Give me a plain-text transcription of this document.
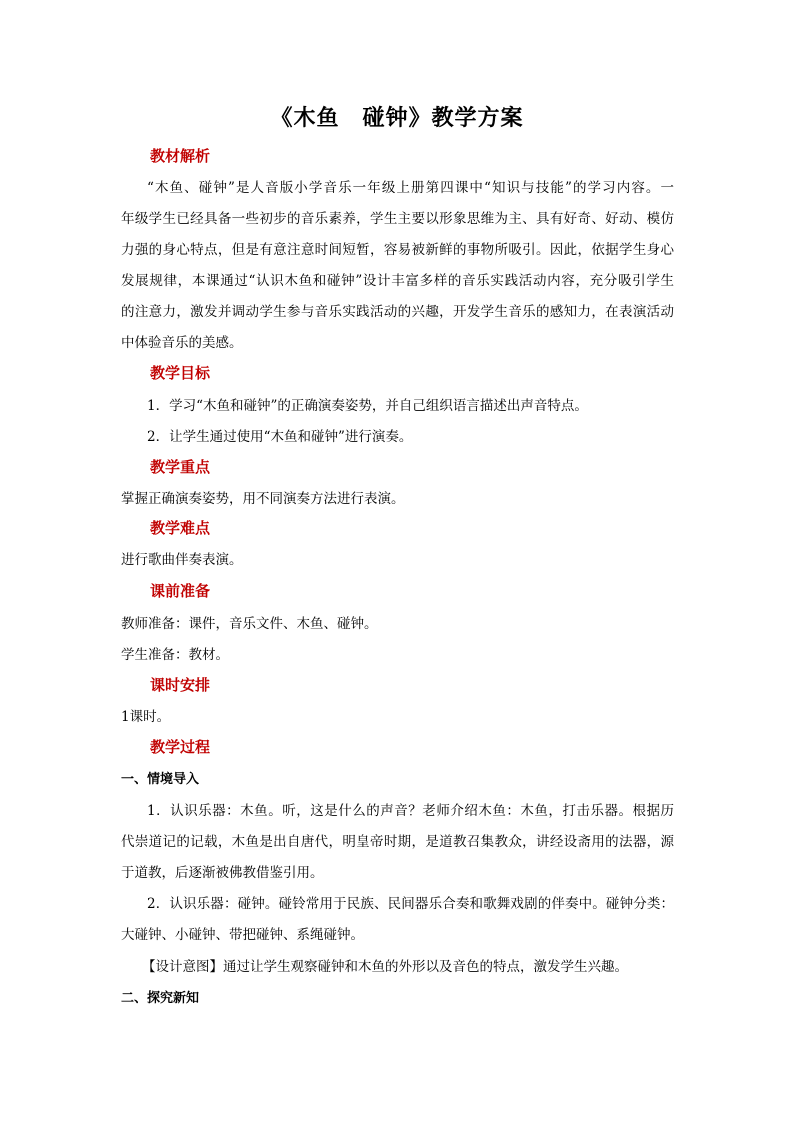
《木鱼　碰钟》教学方案
教材解析

“木鱼、碰钟”是人音版小学音乐一年级上册第四课中“知识与技能”的学习内容。一

年级学生已经具备一些初步的音乐素养，学生主要以形象思维为主、具有好奇、好动、模仿

力强的身心特点，但是有意注意时间短暂，容易被新鲜的事物所吸引。因此，依据学生身心

发展规律，本课通过“认识木鱼和碰钟”设计丰富多样的音乐实践活动内容，充分吸引学生

的注意力，激发并调动学生参与音乐实践活动的兴趣，开发学生音乐的感知力，在表演活动

中体验音乐的美感。

教学目标

1．学习“木鱼和碰钟”的正确演奏姿势，并自己组织语言描述出声音特点。

2．让学生通过使用“木鱼和碰钟”进行演奏。

教学重点

掌握正确演奏姿势，用不同演奏方法进行表演。

教学难点

进行歌曲伴奏表演。

课前准备

教师准备：课件，音乐文件、木鱼、碰钟。

学生准备：教材。

课时安排

1课时。

教学过程
一、情境导入

1．认识乐器：木鱼。听，这是什么的声音？老师介绍木鱼：木鱼，打击乐器。根据历

代崇道记的记载，木鱼是出自唐代，明皇帝时期，是道教召集教众，讲经设斋用的法器，源

于道教，后逐渐被佛教借鉴引用。

2．认识乐器：碰钟。碰铃常用于民族、民间器乐合奏和歌舞戏剧的伴奏中。碰钟分类：

大碰钟、小碰钟、带把碰钟、系绳碰钟。

【设计意图】通过让学生观察碰钟和木鱼的外形以及音色的特点，激发学生兴趣。

二、探究新知
